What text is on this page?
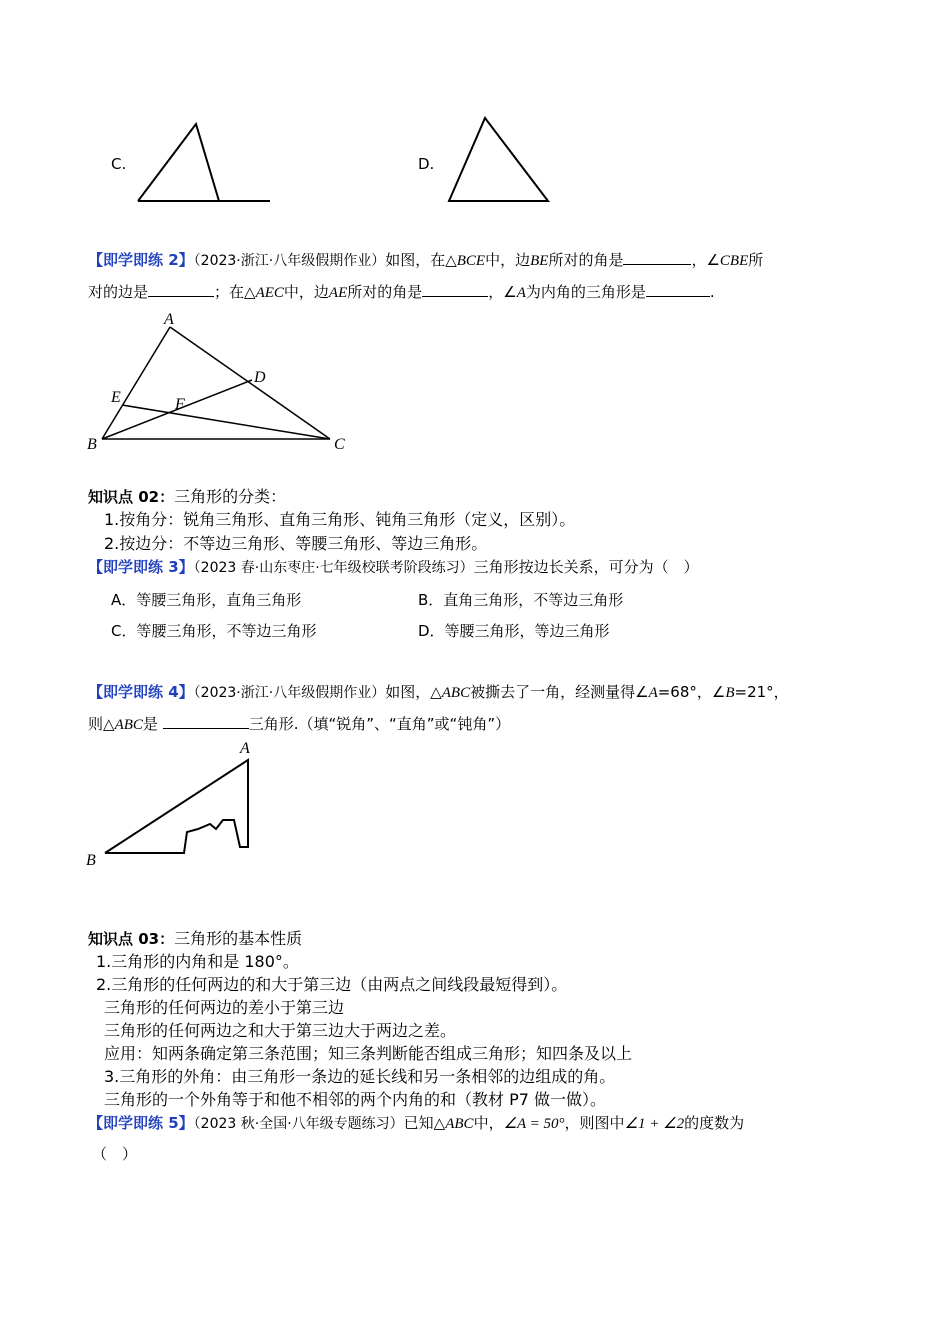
C.	D.
【即学即练 2】（2023·浙江·八年级假期作业）如图，在△BCE中，边BE所对的角是	，∠CBE所
对的边是	；在△AEC中，边AE所对的角是	，∠A为内角的三角形是	.
A
B	C
D
E	F
知识点 02：三角形的分类：
1.按角分：锐角三角形、直角三角形、钝角三角形（定义，区别）。
2.按边分：不等边三角形、等腰三角形、等边三角形。
【即学即练 3】（2023 春·山东枣庄·七年级校联考阶段练习）三角形按边长关系，可分为（　）
A．等腰三角形，直角三角形	B．直角三角形，不等边三角形
C．等腰三角形，不等边三角形	D．等腰三角形，等边三角形
【即学即练 4】（2023·浙江·八年级假期作业）如图，△ABC被撕去了一角，经测量得∠A=68°，∠B=21°，
则△ABC是	三角形.（填“锐角”、“直角”或“钝角”）
A
B
知识点 03：三角形的基本性质
1.三角形的内角和是 180°。
2.三角形的任何两边的和大于第三边（由两点之间线段最短得到）。
三角形的任何两边的差小于第三边
三角形的任何两边之和大于第三边大于两边之差。
应用：知两条确定第三条范围；知三条判断能否组成三角形；知四条及以上
3.三角形的外角：由三角形一条边的延长线和另一条相邻的边组成的角。
三角形的一个外角等于和他不相邻的两个内角的和（教材 P7 做一做）。
【即学即练 5】（2023 秋·全国·八年级专题练习）已知△ABC中，∠A = 50°，则图中∠1 + ∠2的度数为
（　）
